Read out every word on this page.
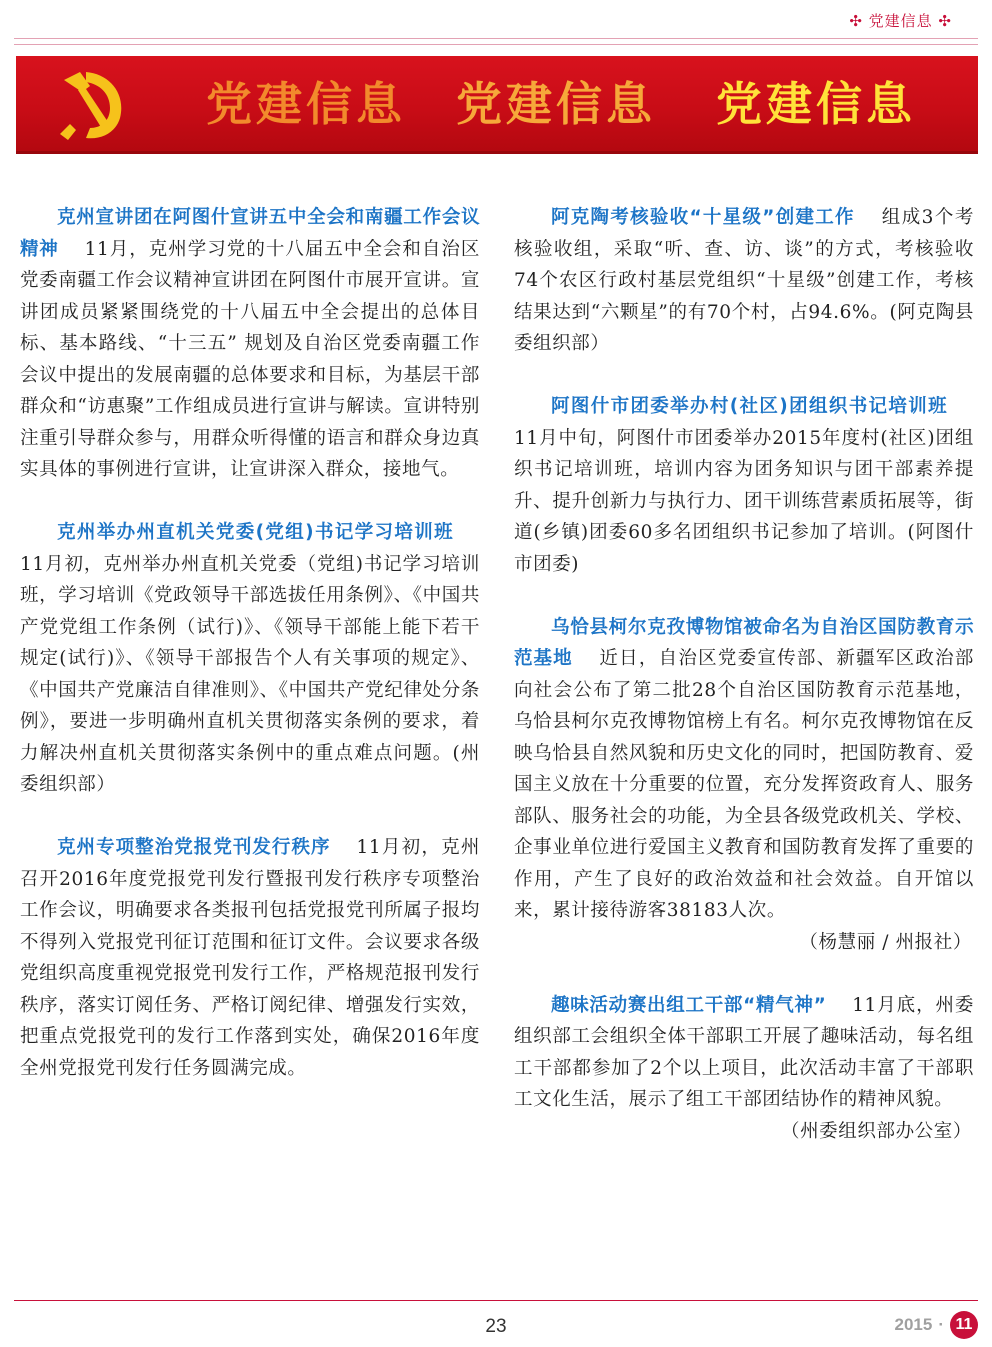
✣ 党建信息 ✣
党建信息 党建信息 党建信息

克州宣讲团在阿图什宣讲五中全会和南疆工作会议精神 11月，克州学习党的十八届五中全会和自治区党委南疆工作会议精神宣讲团在阿图什市展开宣讲。宣讲团成员紧紧围绕党的十八届五中全会提出的总体目标、基本路线、“十三五” 规划及自治区党委南疆工作会议中提出的发展南疆的总体要求和目标，为基层干部群众和“访惠聚”工作组成员进行宣讲与解读。宣讲特别注重引导群众参与，用群众听得懂的语言和群众身边真实具体的事例进行宣讲，让宣讲深入群众，接地气。

克州举办州直机关党委(党组)书记学习培训班11月初，克州举办州直机关党委（党组)书记学习培训班，学习培训《党政领导干部选拔任用条例》、《中国共产党党组工作条例（试行)》、《领导干部能上能下若干规定(试行)》、《领导干部报告个人有关事项的规定》、《中国共产党廉洁自律准则》、《中国共产党纪律处分条例》，要进一步明确州直机关贯彻落实条例的要求，着力解决州直机关贯彻落实条例中的重点难点问题。(州委组织部）

克州专项整治党报党刊发行秩序 11月初，克州召开2016年度党报党刊发行暨报刊发行秩序专项整治工作会议，明确要求各类报刊包括党报党刊所属子报均不得列入党报党刊征订范围和征订文件。会议要求各级党组织高度重视党报党刊发行工作，严格规范报刊发行秩序，落实订阅任务、严格订阅纪律、增强发行实效，把重点党报党刊的发行工作落到实处，确保2016年度全州党报党刊发行任务圆满完成。

阿克陶考核验收“十星级”创建工作 组成3个考核验收组，采取“听、查、访、谈”的方式，考核验收74个农区行政村基层党组织“十星级”创建工作，考核结果达到“六颗星”的有70个村，占94.6%。(阿克陶县委组织部）

阿图什市团委举办村(社区)团组织书记培训班11月中旬，阿图什市团委举办2015年度村(社区)团组织书记培训班，培训内容为团务知识与团干部素养提升、提升创新力与执行力、团干训练营素质拓展等，街道(乡镇)团委60多名团组织书记参加了培训。(阿图什市团委)

乌恰县柯尔克孜博物馆被命名为自治区国防教育示范基地 近日，自治区党委宣传部、新疆军区政治部向社会公布了第二批28个自治区国防教育示范基地，乌恰县柯尔克孜博物馆榜上有名。柯尔克孜博物馆在反映乌恰县自然风貌和历史文化的同时，把国防教育、爱国主义放在十分重要的位置，充分发挥资政育人、服务部队、服务社会的功能，为全县各级党政机关、学校、企事业单位进行爱国主义教育和国防教育发挥了重要的作用，产生了良好的政治效益和社会效益。自开馆以来，累计接待游客38183人次。

（杨慧丽 / 州报社）

趣味活动赛出组工干部“精气神” 11月底，州委组织部工会组织全体干部职工开展了趣味活动，每名组工干部都参加了2个以上项目，此次活动丰富了干部职工文化生活，展示了组工干部团结协作的精神风貌。

（州委组织部办公室）
23	2015 · 11
